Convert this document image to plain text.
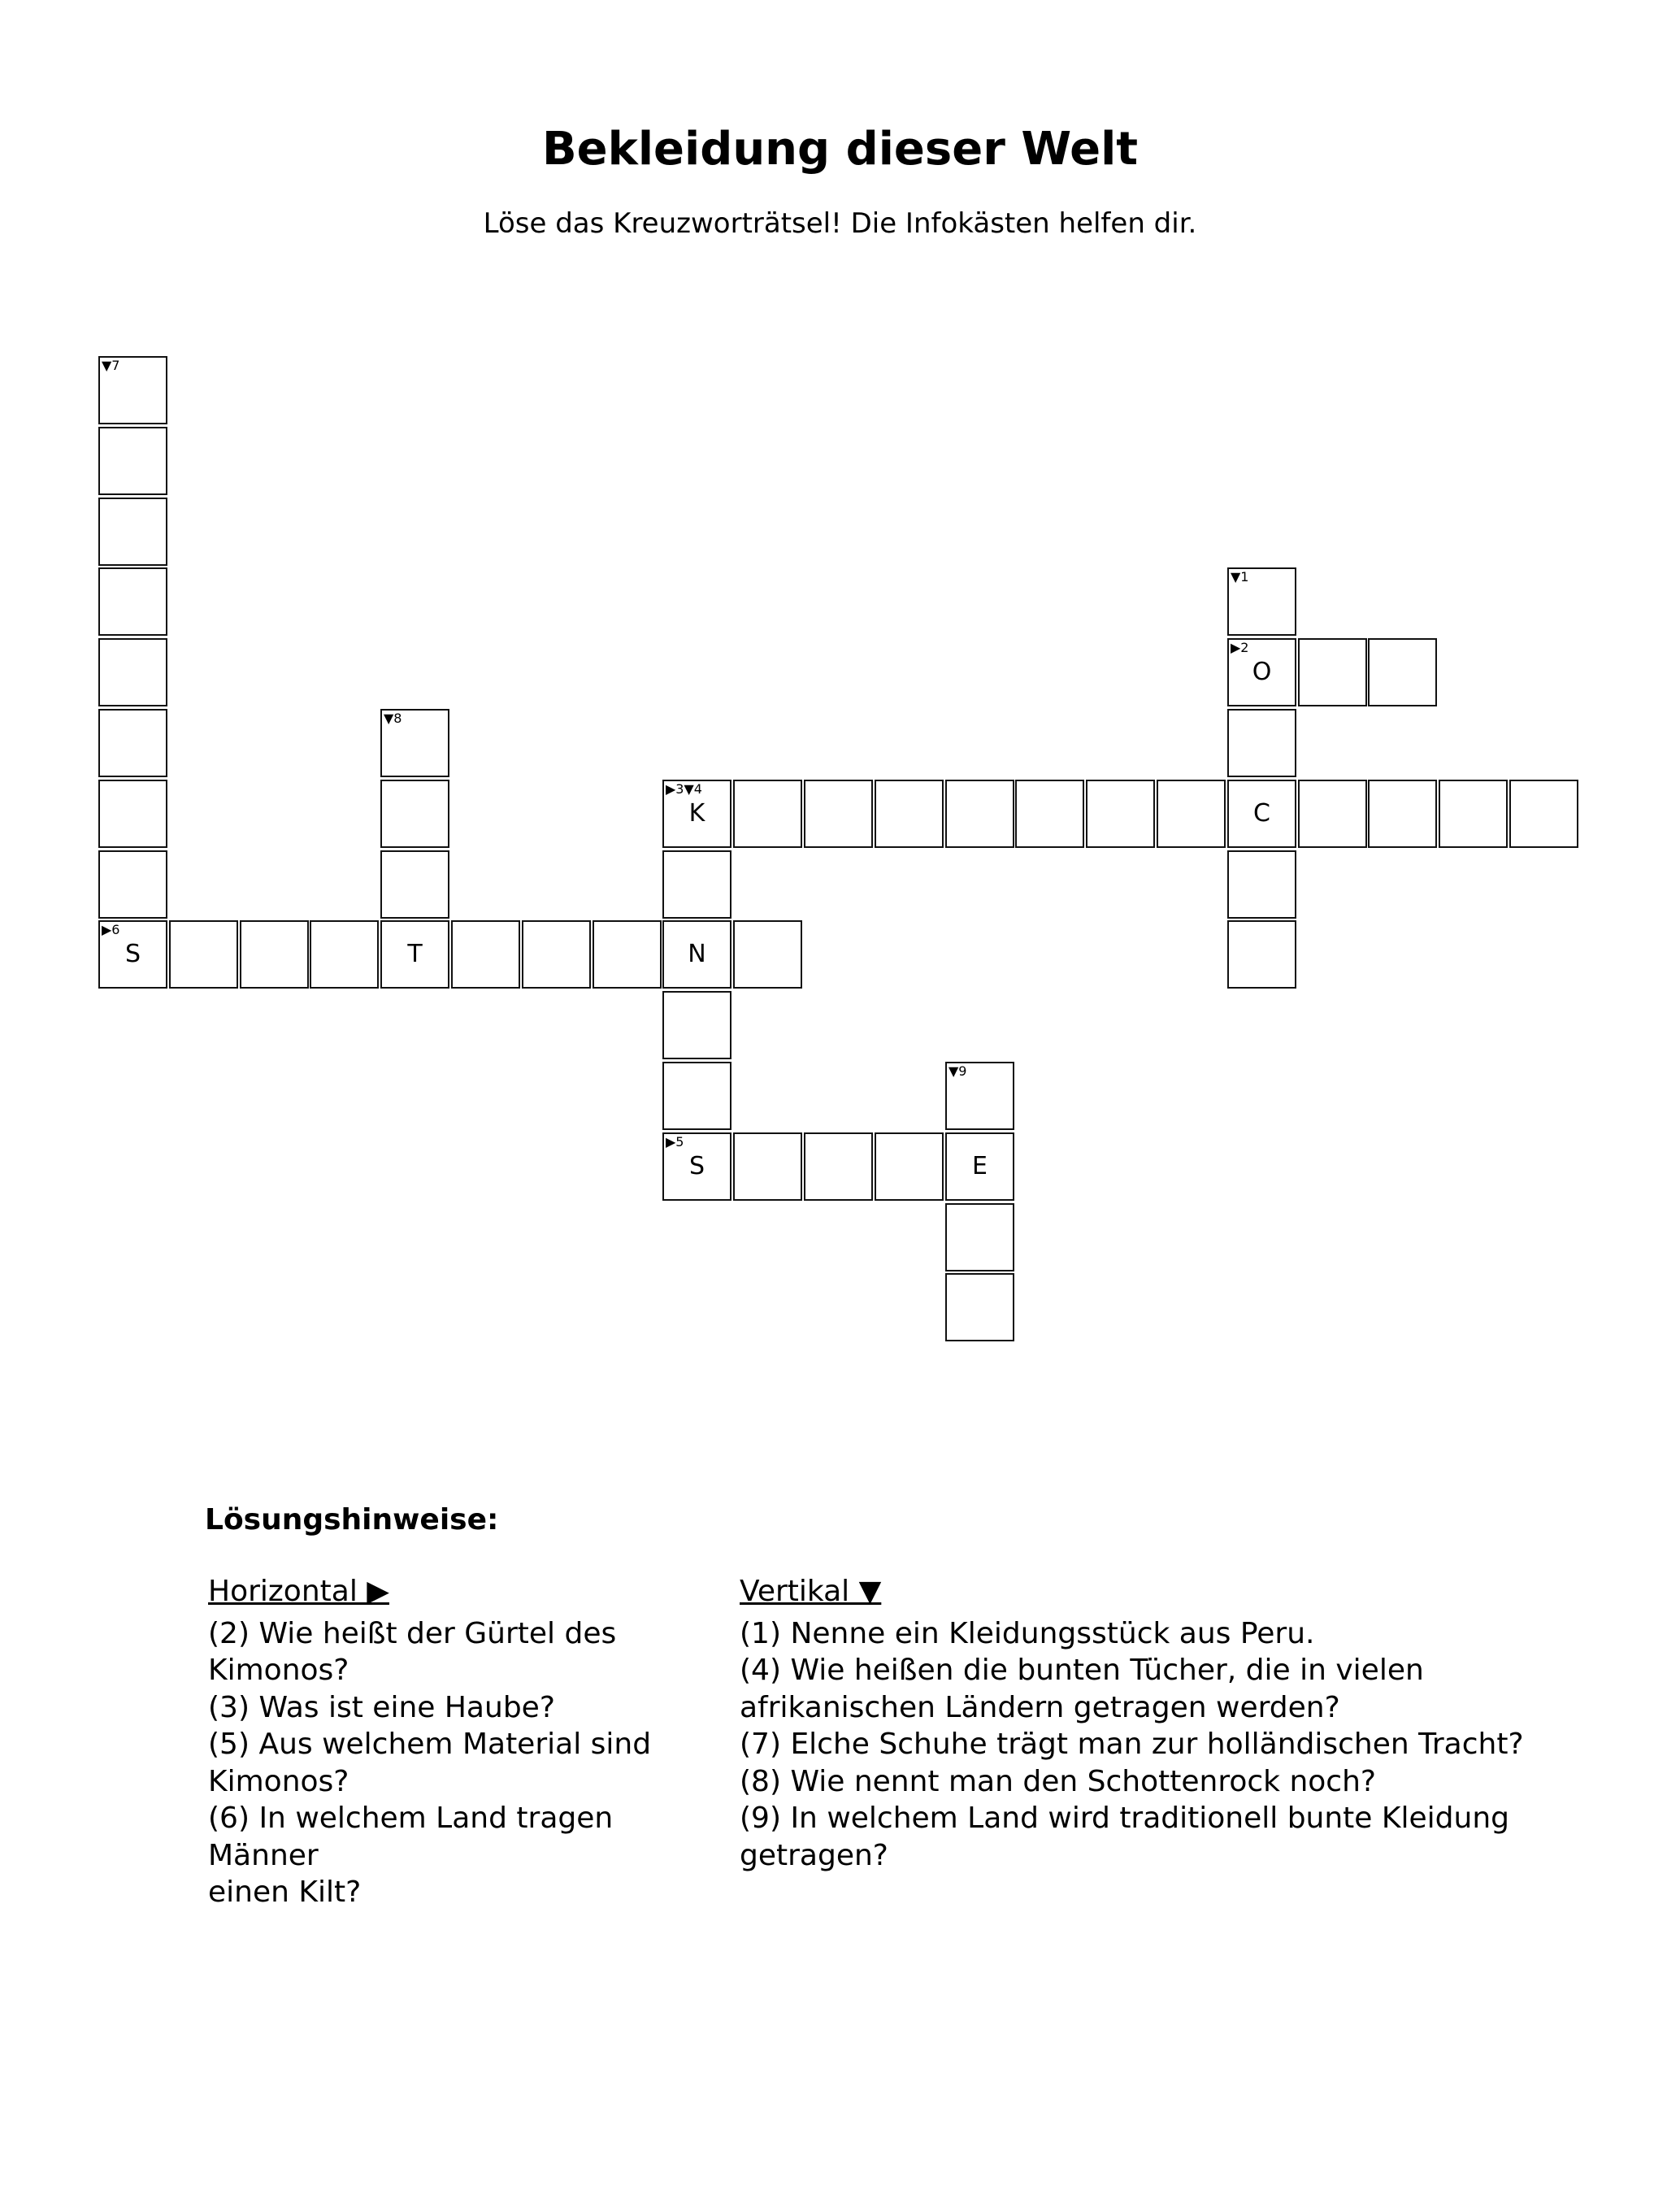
Bekleidung dieser Welt
Löse das Kreuzworträtsel! Die Infokästen helfen dir.
▼7
▶6
S	T	N
▼8
▶3▼4
K	C
▶5
S
▼9
E
▼1
▶2
O
Lösungshinweise:
Horizontal ▶
(2) Wie heißt der Gürtel des
Kimonos?
(3) Was ist eine Haube?
(5) Aus welchem Material sind
Kimonos?
(6) In welchem Land tragen Männer
einen Kilt?
Vertikal ▼
(1) Nenne ein Kleidungsstück aus Peru.
(4) Wie heißen die bunten Tücher, die in vielen
afrikanischen Ländern getragen werden?
(7) Elche Schuhe trägt man zur holländischen Tracht?
(8) Wie nennt man den Schottenrock noch?
(9) In welchem Land wird traditionell bunte Kleidung
getragen?
